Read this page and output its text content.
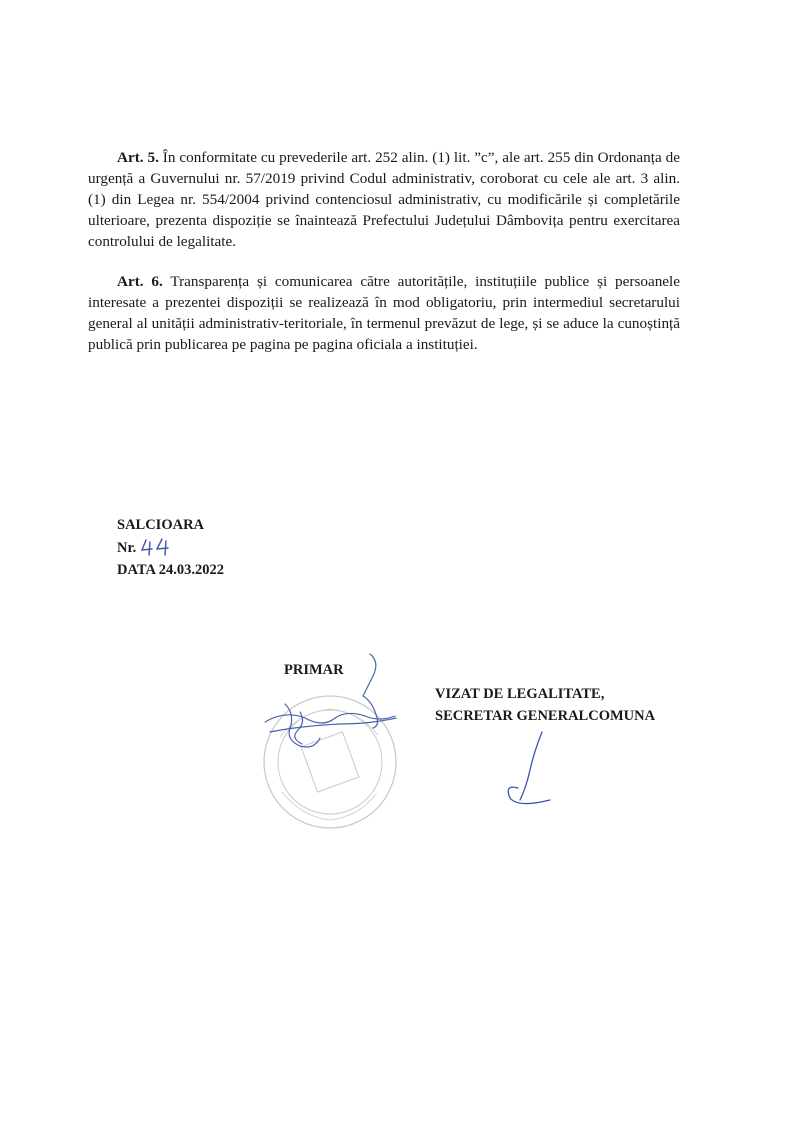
Art. 5. În conformitate cu prevederile art. 252 alin. (1) lit. ”c”, ale art. 255 din Ordonanța de urgență a Guvernului nr. 57/2019 privind Codul administrativ, coroborat cu cele ale art. 3 alin. (1) din Legea nr. 554/2004 privind contenciosul administrativ, cu modificările și completările ulterioare, prezenta dispoziție se înaintează Prefectului Județului Dâmbovița pentru exercitarea controlului de legalitate.

Art. 6. Transparența și comunicarea către autoritățile, instituțiile publice și persoanele interesate a prezentei dispoziții se realizează în mod obligatoriu, prin intermediul secretarului general al unității administrativ-teritoriale, în termenul prevăzut de lege, și se aduce la cunoștință publică prin publicarea pe pagina pe pagina oficiala a instituției.

SALCIOARA
Nr.
DATA 24.03.2022
PRIMAR
VIZAT DE LEGALITATE,
SECRETAR GENERALCOMUNA
